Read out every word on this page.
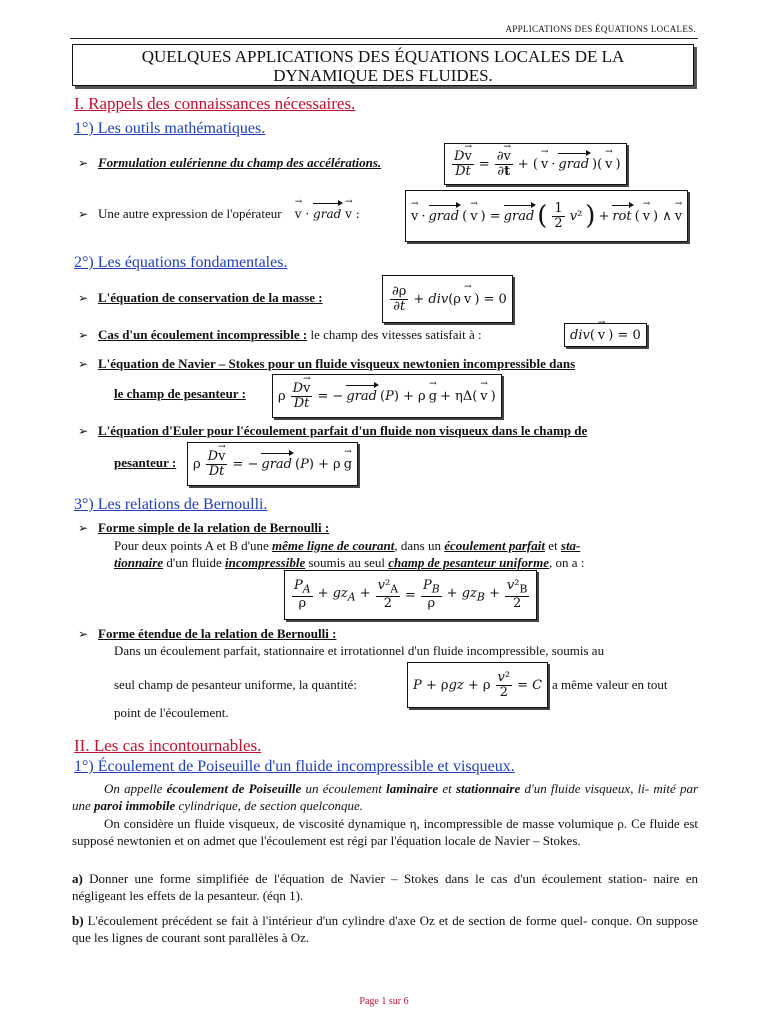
APPLICATIONS DES ÉQUATIONS LOCALES.
QUELQUES APPLICATIONS DES ÉQUATIONS LOCALES DE LA
DYNAMIQUE DES FLUIDES.
I. Rappels des connaissances nécessaires.
1°) Les outils mathématiques.
➢ Formulation eulérienne du champ des accélérations.	$\frac{D\to v}{Dt} = \frac{\partial\to v}{\partial t}$ + (
→ v · grad )(
→ v )
➢ Une autre expression de l'opérateur → v · grad → v :
→	v · grad (
→ v ) = grad ( $\frac{1}{2} v^2$ ) + rot (
→ v ) ∧
→ v
2°) Les équations fondamentales.
➢ L'équation de conservation de la masse :	$\frac{\partial\rho}{\partial t} + div(\rho$
→ v ) = 0
➢ Cas d'un écoulement incompressible : le champ des vitesses satisfait à :	div(
→ v ) = 0
➢ L'équation de Navier – Stokes pour un fluide visqueux newtonien incompressible dans
le champ de pesanteur :	ρ $\frac{D\to v}{Dt}$ = − grad (P) + ρ
→ g + ηΔ(
→ v )
➢ L'équation d'Euler pour l'écoulement parfait d'un fluide non visqueux dans le champ de
pesanteur :	ρ $\frac{D\to v}{Dt}$ = − grad (P) + ρ
→ g
3°) Les relations de Bernoulli.
➢ Forme simple de la relation de Bernoulli :
Pour deux points A et B d'une même ligne de courant, dans un écoulement parfait et sta-
tionnaire d'un fluide incompressible soumis au seul champ de pesanteur uniforme, on a :
$\frac{P_A}{\rho} + gz_A + \frac{v^2_A}{2} = \frac{P_B}{\rho} + gz_B + \frac{v^2_B}{2}$
➢ Forme étendue de la relation de Bernoulli :
Dans un écoulement parfait, stationnaire et irrotationnel d'un fluide incompressible, soumis au
seul champ de pesanteur uniforme, la quantité:	P + ρgz + ρ $\frac{\text{v²}}{2} = C$ a même valeur en tout
point de l'écoulement.
II. Les cas incontournables.
1°) Écoulement de Poiseuille d'un fluide incompressible et visqueux.
On appelle écoulement de Poiseuille un écoulement laminaire et stationnaire d'un fluide visqueux, li- mité par une paroi immobile cylindrique, de section quelconque.
On considère un fluide visqueux, de viscosité dynamique η, incompressible de masse volumique ρ. Ce fluide est supposé newtonien et on admet que l'écoulement est régi par l'équation locale de Navier – Stokes.
a) Donner une forme simplifiée de l'équation de Navier – Stokes dans le cas d'un écoulement station- naire en négligeant les effets de la pesanteur. (éqn 1).
b) L'écoulement précédent se fait à l'intérieur d'un cylindre d'axe Oz et de section de forme quel- conque. On suppose que les lignes de courant sont parallèles à Oz.
Page 1 sur 6
